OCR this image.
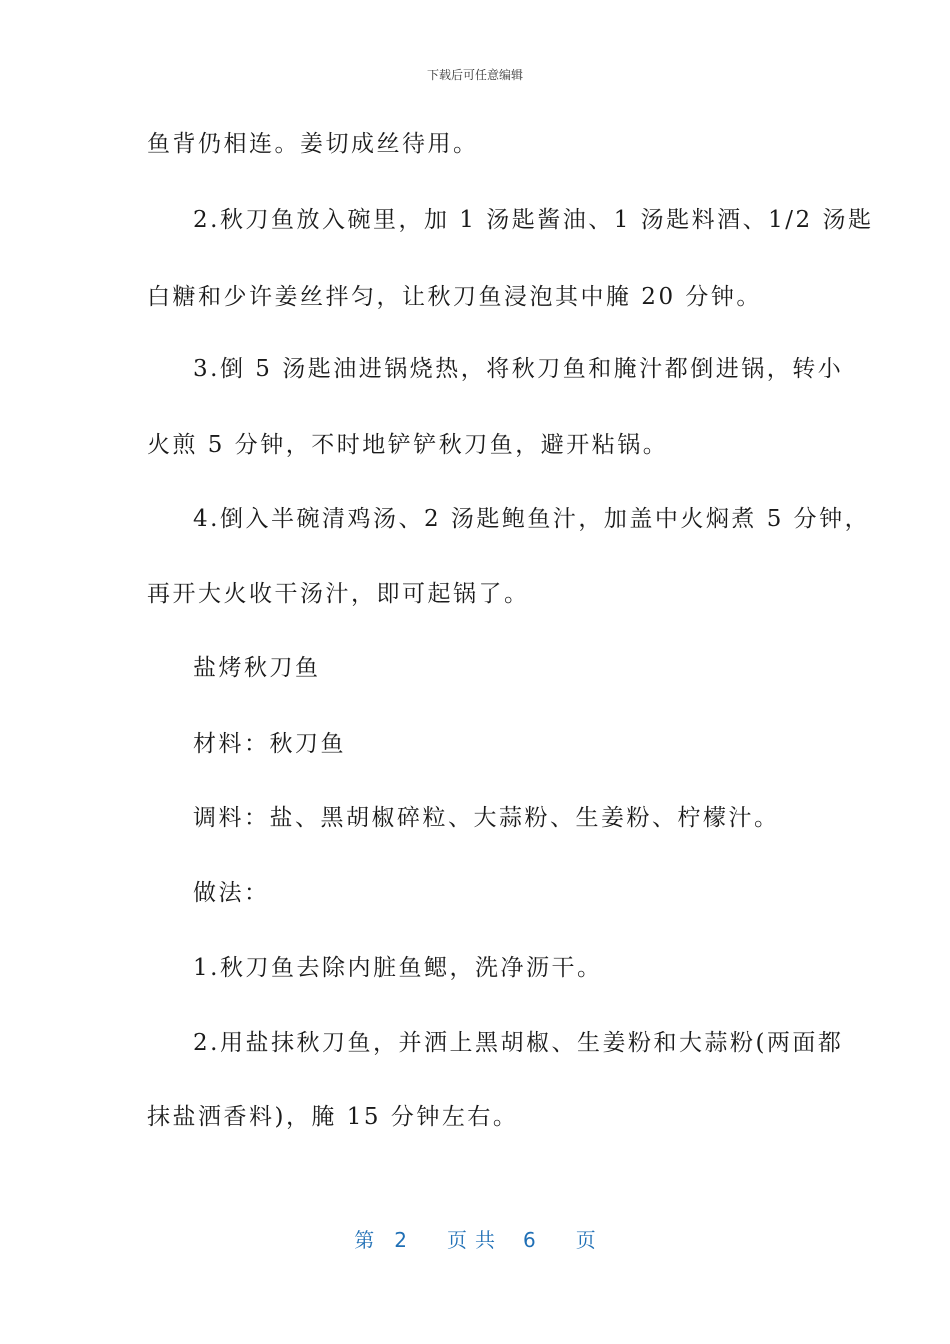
下载后可任意编辑
鱼背仍相连。姜切成丝待用。
2.秋刀鱼放入碗里，加 1 汤匙酱油、1 汤匙料酒、1/2 汤匙
白糖和少许姜丝拌匀，让秋刀鱼浸泡其中腌 20 分钟。
3.倒 5 汤匙油进锅烧热，将秋刀鱼和腌汁都倒进锅，转小
火煎 5 分钟，不时地铲铲秋刀鱼，避开粘锅。
4.倒入半碗清鸡汤、2 汤匙鲍鱼汁，加盖中火焖煮 5 分钟，
再开大火收干汤汁，即可起锅了。
盐烤秋刀鱼
材料：秋刀鱼
调料：盐、黑胡椒碎粒、大蒜粉、生姜粉、柠檬汁。
做法：
1.秋刀鱼去除内脏鱼鳃，洗净沥干。
2.用盐抹秋刀鱼，并洒上黑胡椒、生姜粉和大蒜粉(两面都
抹盐洒香料)，腌 15 分钟左右。
第 2 页共 6 页
